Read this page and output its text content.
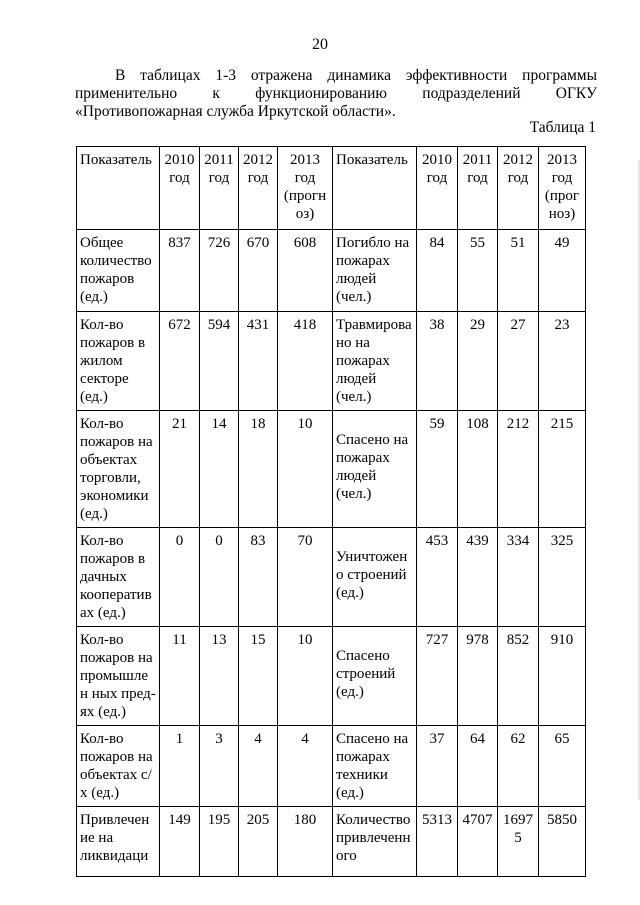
20
В таблицах 1-3 отражена динамика эффективности программы
применительно к функционированию подразделений ОГКУ
«Противопожарная служба Иркутской области».
Таблица 1
Показатель	2010 год	2011 год	2012 год	2013 год (прогноз)	Показатель	2010 год	2011 год	2012 год	2013 год (прогноз)
Общее количество пожаров (ед.)	837	726	670	608	Погибло на пожарах людей (чел.)	84	55	51	49
Кол-во пожаров в жилом секторе (ед.)	672	594	431	418	Травмирова но на пожарах людей (чел.)	38	29	27	23
Кол-во пожаров на объектах торговли, экономики (ед.)	21	14	18	10	Спасено на пожарах людей (чел.)	59	108	212	215
Кол-во пожаров в дачных кооператив ах (ед.)	0	0	83	70	Уничтожен о строений (ед.)	453	439	334	325
Кол-во пожаров на промышлен ных пред-ях (ед.)	11	13	15	10	Спасено строений (ед.)	727	978	852	910
Кол-во пожаров на объектах с/х (ед.)	1	3	4	4	Спасено на пожарах техники (ед.)	37	64	62	65
Привлечен ие на ликвидаци	149	195	205	180	Количество привлеченн ого	5313	4707	16975	5850
